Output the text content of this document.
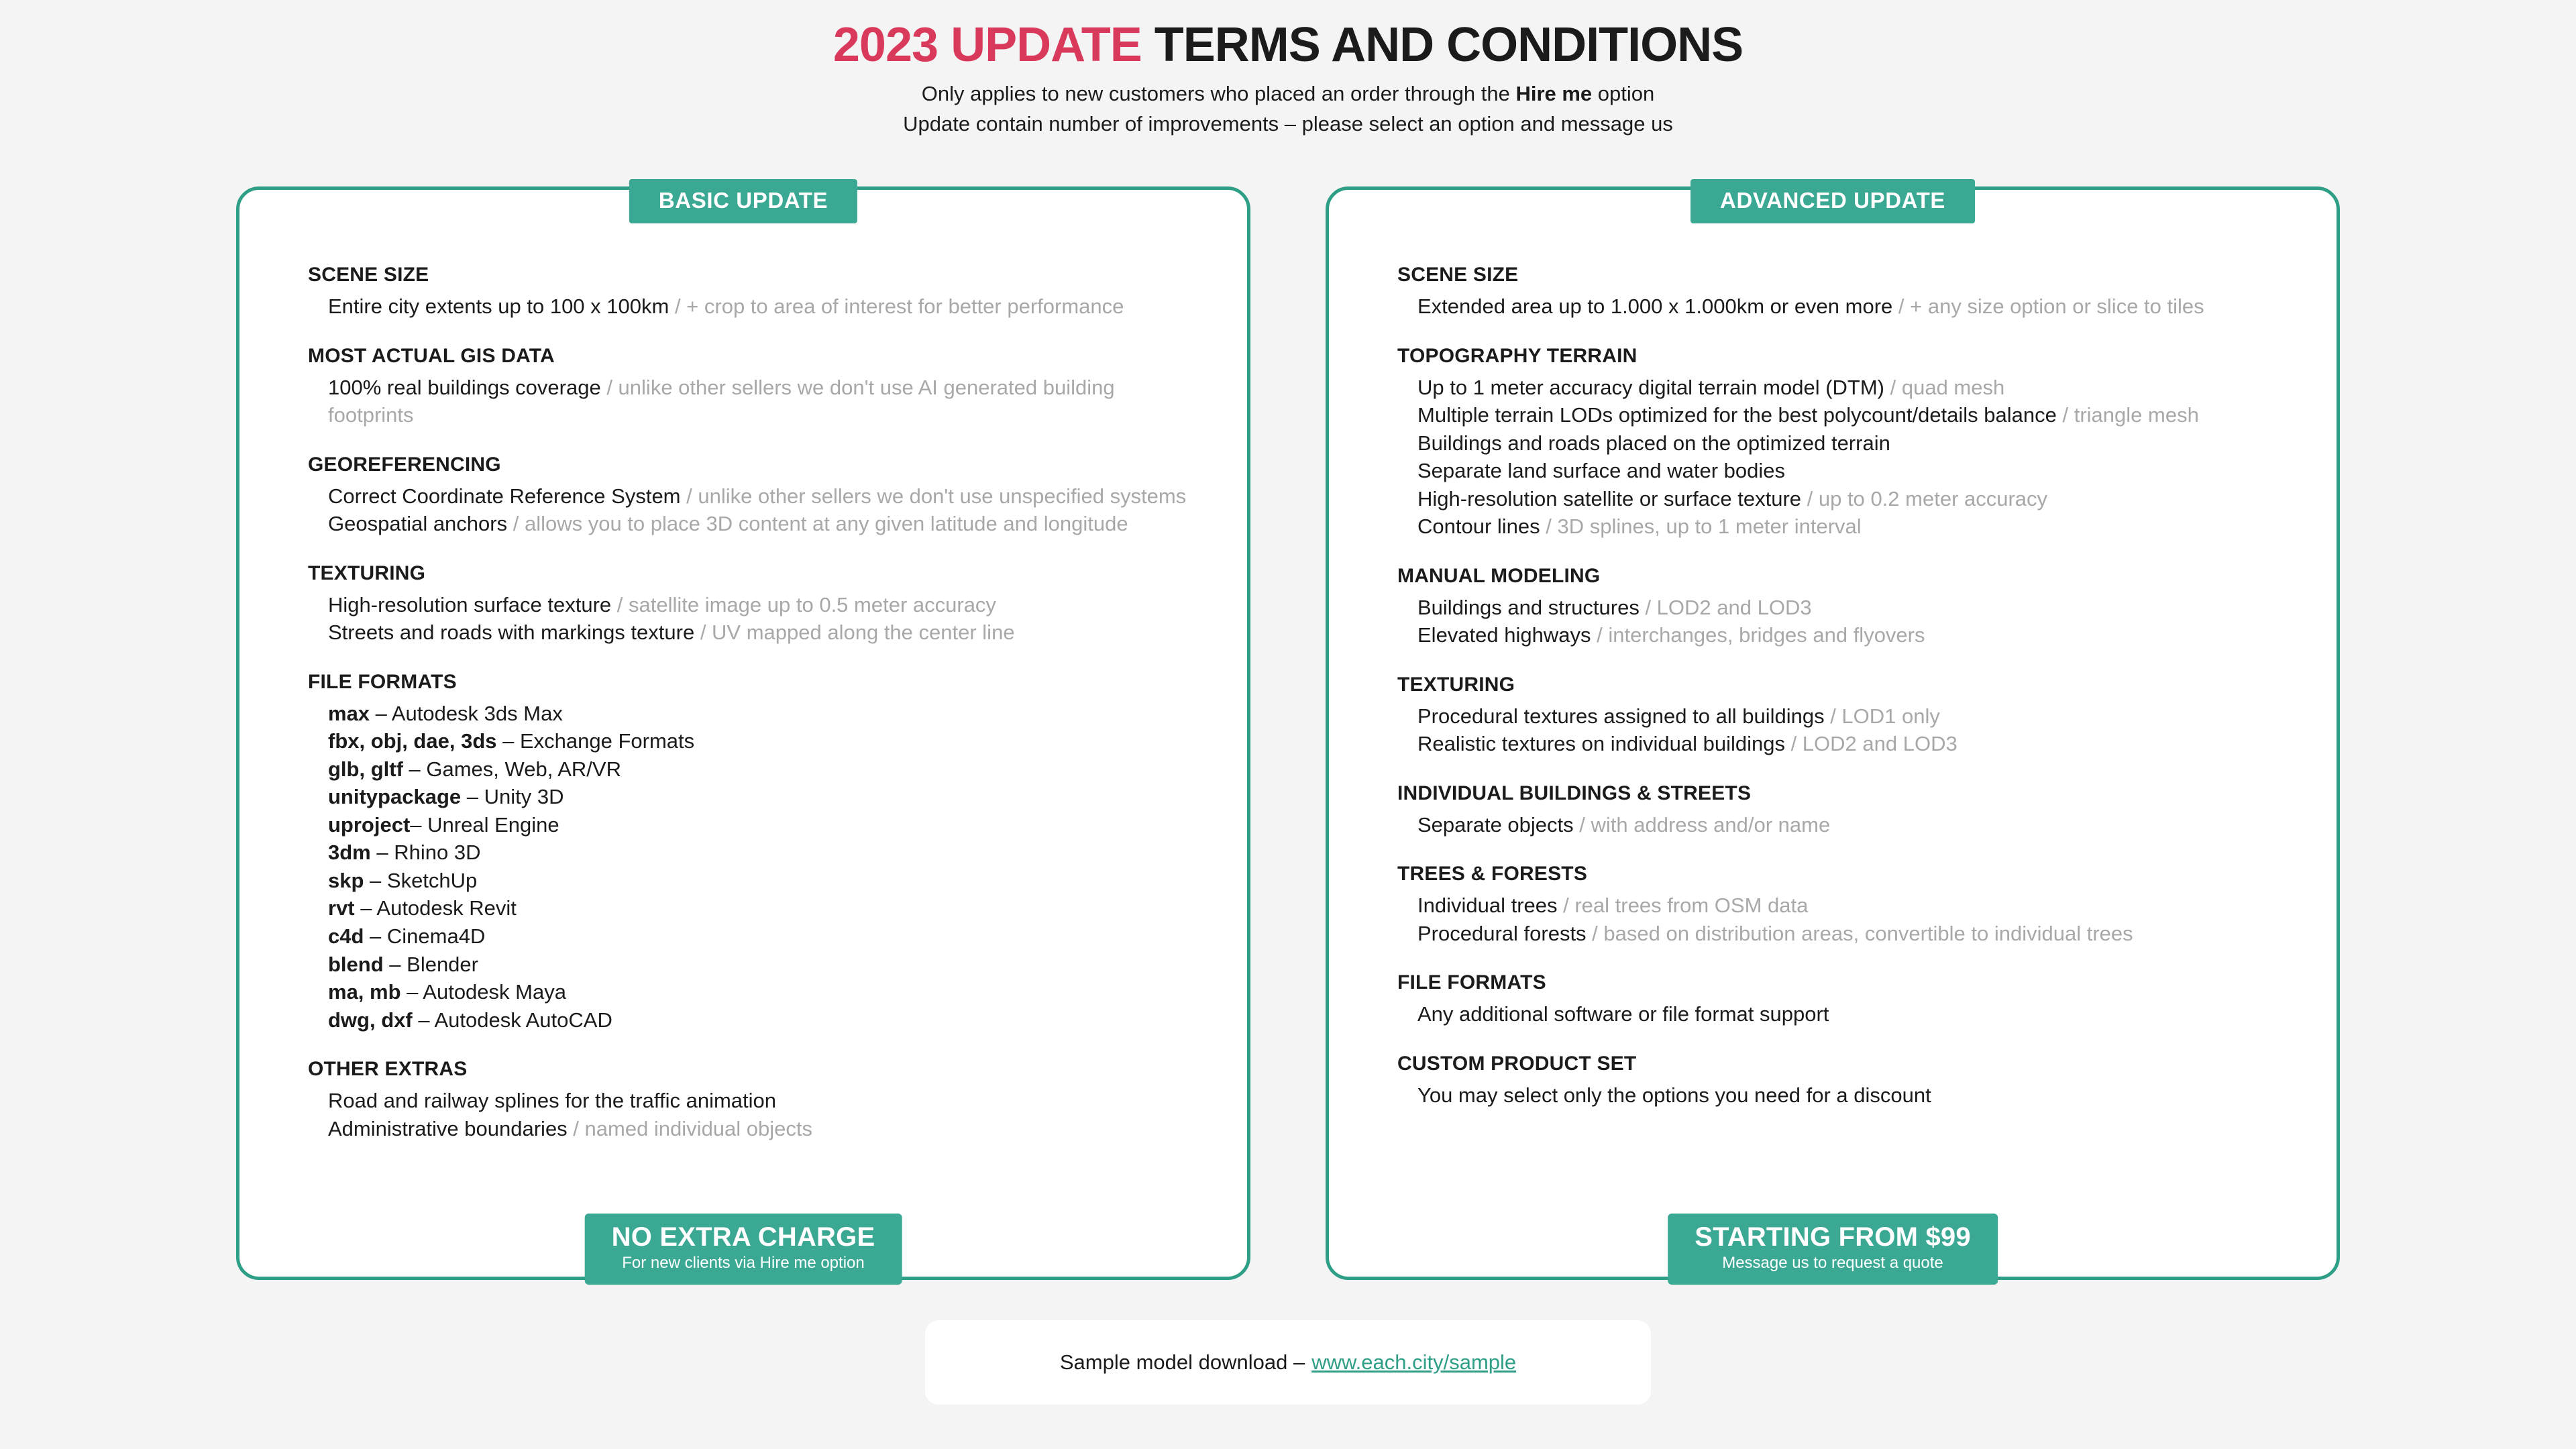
2023 UPDATE TERMS AND CONDITIONS
Only applies to new customers who placed an order through the Hire me option
Update contain number of improvements – please select an option and message us
BASIC UPDATE
SCENE SIZE
Entire city extents up to 100 x 100km / + crop to area of interest for better performance
MOST ACTUAL GIS DATA
100% real buildings coverage / unlike other sellers we don't use AI generated building footprints
GEOREFERENCING
Correct Coordinate Reference System / unlike other sellers we don't use unspecified systems
Geospatial anchors / allows you to place 3D content at any given latitude and longitude
TEXTURING
High-resolution surface texture / satellite image up to 0.5 meter accuracy
Streets and roads with markings texture / UV mapped along the center line
FILE FORMATS
max – Autodesk 3ds Max
fbx, obj, dae, 3ds – Exchange Formats
glb, gltf – Games, Web, AR/VR
unitypackage – Unity 3D
uproject– Unreal Engine
3dm – Rhino 3D
skp – SketchUp
rvt – Autodesk Revit
c4d – Cinema4D
blend – Blender
ma, mb – Autodesk Maya
dwg, dxf – Autodesk AutoCAD
OTHER EXTRAS
Road and railway splines for the traffic animation
Administrative boundaries / named individual objects
NO EXTRA CHARGE
For new clients via Hire me option
ADVANCED UPDATE
SCENE SIZE
Extended area up to 1.000 x 1.000km or even more / + any size option or slice to tiles
TOPOGRAPHY TERRAIN
Up to 1 meter accuracy digital terrain model (DTM) / quad mesh
Multiple terrain LODs optimized for the best polycount/details balance / triangle mesh
Buildings and roads placed on the optimized terrain
Separate land surface and water bodies
High-resolution satellite or surface texture / up to 0.2 meter accuracy
Contour lines / 3D splines, up to 1 meter interval
MANUAL MODELING
Buildings and structures / LOD2 and LOD3
Elevated highways / interchanges, bridges and flyovers
TEXTURING
Procedural textures assigned to all buildings / LOD1 only
Realistic textures on individual buildings / LOD2 and LOD3
INDIVIDUAL BUILDINGS & STREETS
Separate objects / with address and/or name
TREES & FORESTS
Individual trees / real trees from OSM data
Procedural forests / based on distribution areas, convertible to individual trees
FILE FORMATS
Any additional software or file format support
CUSTOM PRODUCT SET
You may select only the options you need for a discount
STARTING FROM $99
Message us to request a quote
Sample model download – www.each.city/sample
